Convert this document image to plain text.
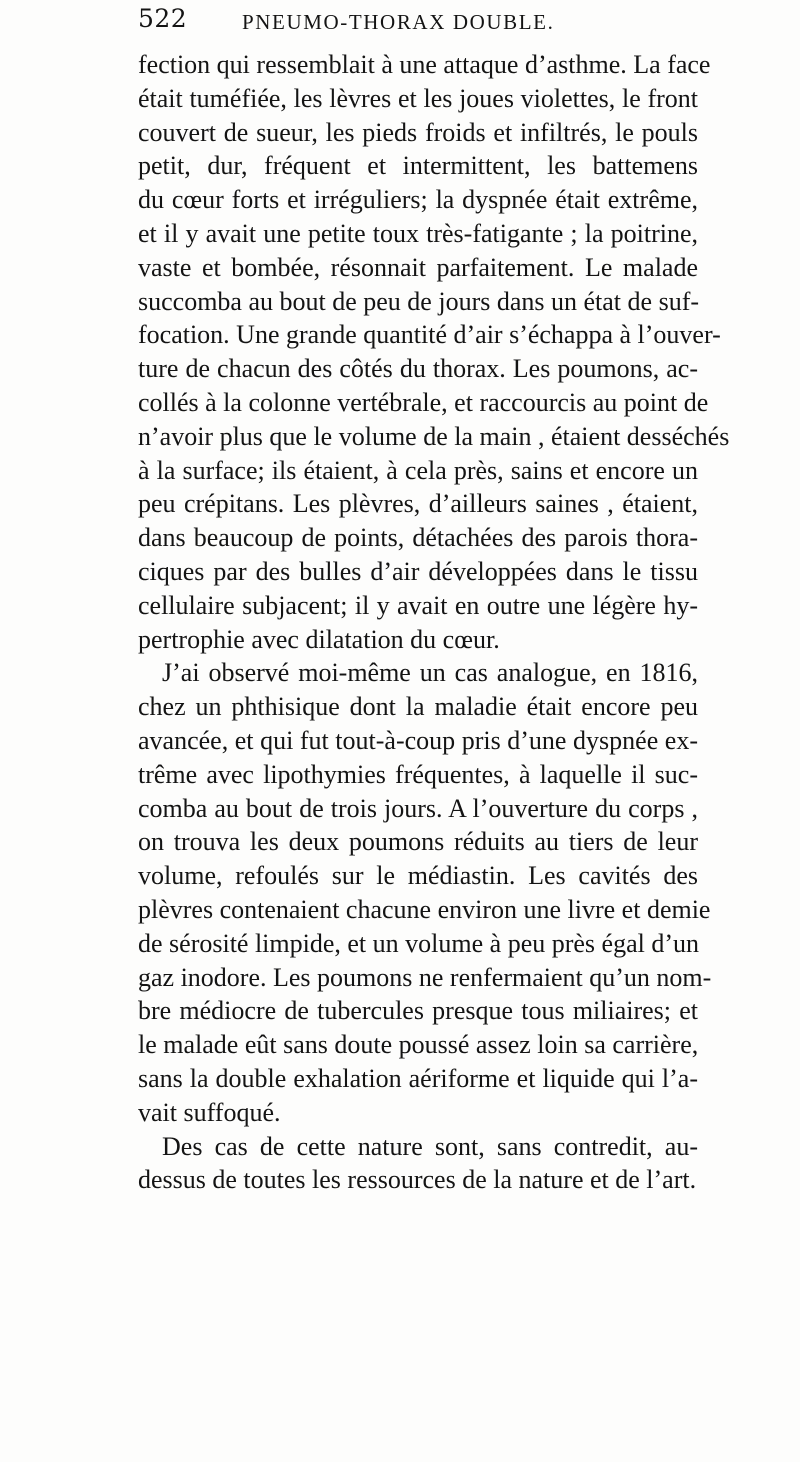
522	PNEUMO-THORAX DOUBLE.
fection qui ressemblait à une attaque d’asthme. La face
était tuméfiée, les lèvres et les joues violettes, le front
couvert de sueur, les pieds froids et infiltrés, le pouls
petit, dur, fréquent et intermittent, les battemens
du cœur forts et irréguliers; la dyspnée était extrême,
et il y avait une petite toux très-fatigante ; la poitrine,
vaste et bombée, résonnait parfaitement. Le malade
succomba au bout de peu de jours dans un état de suf-
focation. Une grande quantité d’air s’échappa à l’ouver-
ture de chacun des côtés du thorax. Les poumons, ac-
collés à la colonne vertébrale, et raccourcis au point de
n’avoir plus que le volume de la main , étaient desséchés
à la surface; ils étaient, à cela près, sains et encore un
peu crépitans. Les plèvres, d’ailleurs saines , étaient,
dans beaucoup de points, détachées des parois thora-
ciques par des bulles d’air développées dans le tissu
cellulaire subjacent; il y avait en outre une légère hy-
pertrophie avec dilatation du cœur.
J’ai observé moi-même un cas analogue, en 1816,
chez un phthisique dont la maladie était encore peu
avancée, et qui fut tout-à-coup pris d’une dyspnée ex-
trême avec lipothymies fréquentes, à laquelle il suc-
comba au bout de trois jours. A l’ouverture du corps ,
on trouva les deux poumons réduits au tiers de leur
volume, refoulés sur le médiastin. Les cavités des
plèvres contenaient chacune environ une livre et demie
de sérosité limpide, et un volume à peu près égal d’un
gaz inodore. Les poumons ne renfermaient qu’un nom-
bre médiocre de tubercules presque tous miliaires; et
le malade eût sans doute poussé assez loin sa carrière,
sans la double exhalation aériforme et liquide qui l’a-
vait suffoqué.
Des cas de cette nature sont, sans contredit, au-
dessus de toutes les ressources de la nature et de l’art.
